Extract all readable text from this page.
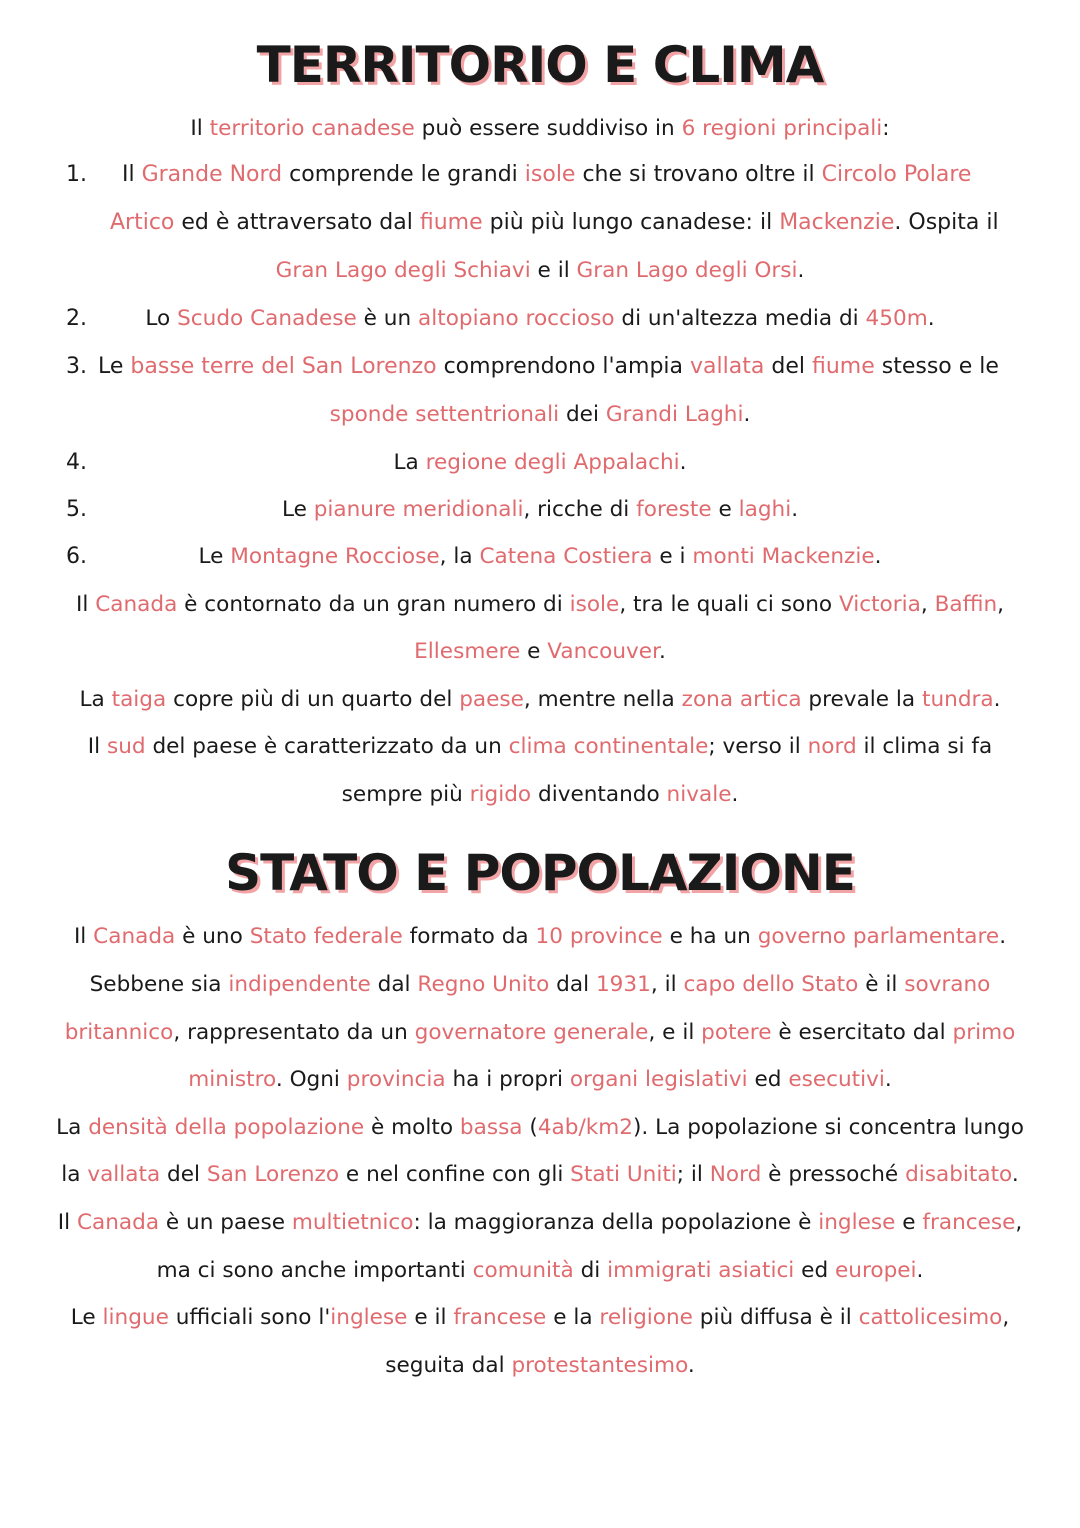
TERRITORIO E CLIMA
Il territorio canadese può essere suddiviso in 6 regioni principali:
1. Il Grande Nord comprende le grandi isole che si trovano oltre il Circolo Polare
Artico ed è attraversato dal fiume più più lungo canadese: il Mackenzie. Ospita il
Gran Lago degli Schiavi e il Gran Lago degli Orsi.
2.	Lo Scudo Canadese è un altopiano roccioso di un'altezza media di 450m.
3. Le basse terre del San Lorenzo comprendono l'ampia vallata del fiume stesso e le
sponde settentrionali dei Grandi Laghi.
4.	La regione degli Appalachi.
5.	Le pianure meridionali, ricche di foreste e laghi.
6.	Le Montagne Rocciose, la Catena Costiera e i monti Mackenzie.
Il Canada è contornato da un gran numero di isole, tra le quali ci sono Victoria, Baffin,
Ellesmere e Vancouver.
La taiga copre più di un quarto del paese, mentre nella zona artica prevale la tundra.
Il sud del paese è caratterizzato da un clima continentale; verso il nord il clima si fa
sempre più rigido diventando nivale.
STATO E POPOLAZIONE
Il Canada è uno Stato federale formato da 10 province e ha un governo parlamentare.
Sebbene sia indipendente dal Regno Unito dal 1931, il capo dello Stato è il sovrano
britannico, rappresentato da un governatore generale, e il potere è esercitato dal primo
ministro. Ogni provincia ha i propri organi legislativi ed esecutivi.
La densità della popolazione è molto bassa (4ab/km2). La popolazione si concentra lungo
la vallata del San Lorenzo e nel confine con gli Stati Uniti; il Nord è pressoché disabitato.
Il Canada è un paese multietnico: la maggioranza della popolazione è inglese e francese,
ma ci sono anche importanti comunità di immigrati asiatici ed europei.
Le lingue ufficiali sono l'inglese e il francese e la religione più diffusa è il cattolicesimo,
seguita dal protestantesimo.
